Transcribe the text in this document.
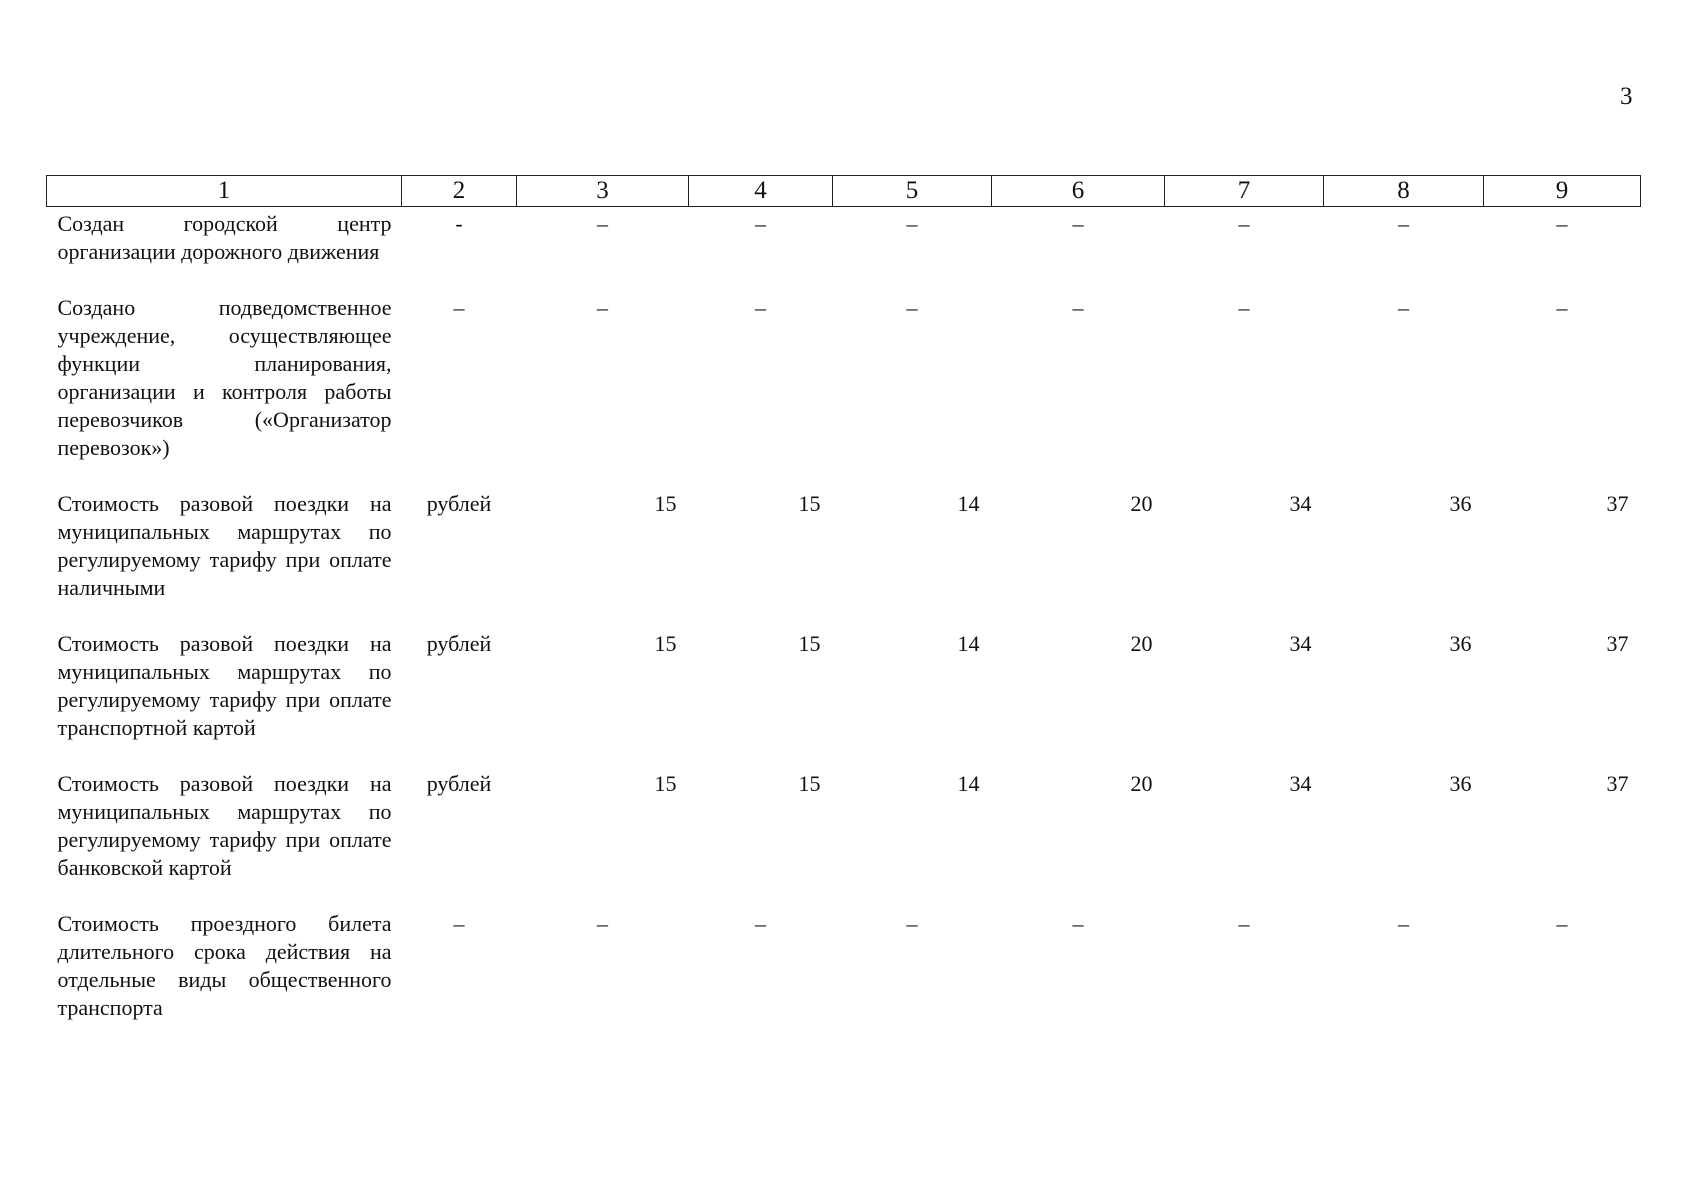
3
1	2	3	4	5	6	7	8	9
Создан городской центр организации дорожного движения	-	–	–	–	–	–	–	–
Создано подведомственное учреждение, осуществляющее функции планирования, организации и контроля работы перевозчиков («Организатор перевозок»)	–	–	–	–	–	–	–	–
Стоимость разовой поездки на муниципальных маршрутах по регулируемому тарифу при оплате наличными	рублей	15	15	14	20	34	36	37
Стоимость разовой поездки на муниципальных маршрутах по регулируемому тарифу при оплате транспортной картой	рублей	15	15	14	20	34	36	37
Стоимость разовой поездки на муниципальных маршрутах по регулируемому тарифу при оплате банковской картой	рублей	15	15	14	20	34	36	37
Стоимость проездного билета длительного срока действия на отдельные виды общественного транспорта	–	–	–	–	–	–	–	–
